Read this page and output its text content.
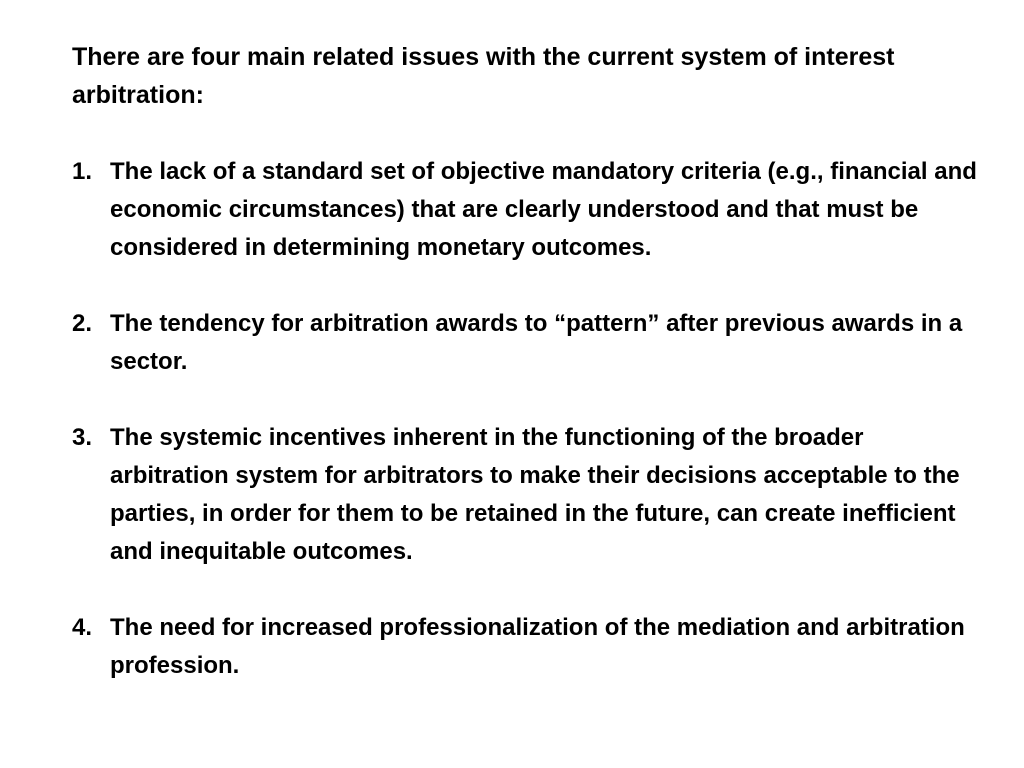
There are four main related issues with the current system of interest arbitration:

1. The lack of a standard set of objective mandatory criteria (e.g., financial and economic circumstances) that are clearly understood and that must be considered in determining monetary outcomes.
2. The tendency for arbitration awards to “pattern” after previous awards in a sector.
3. The systemic incentives inherent in the functioning of the broader arbitration system for arbitrators to make their decisions acceptable to the parties, in order for them to be retained in the future, can create inefficient and inequitable outcomes.
4. The need for increased professionalization of the mediation and arbitration profession.
